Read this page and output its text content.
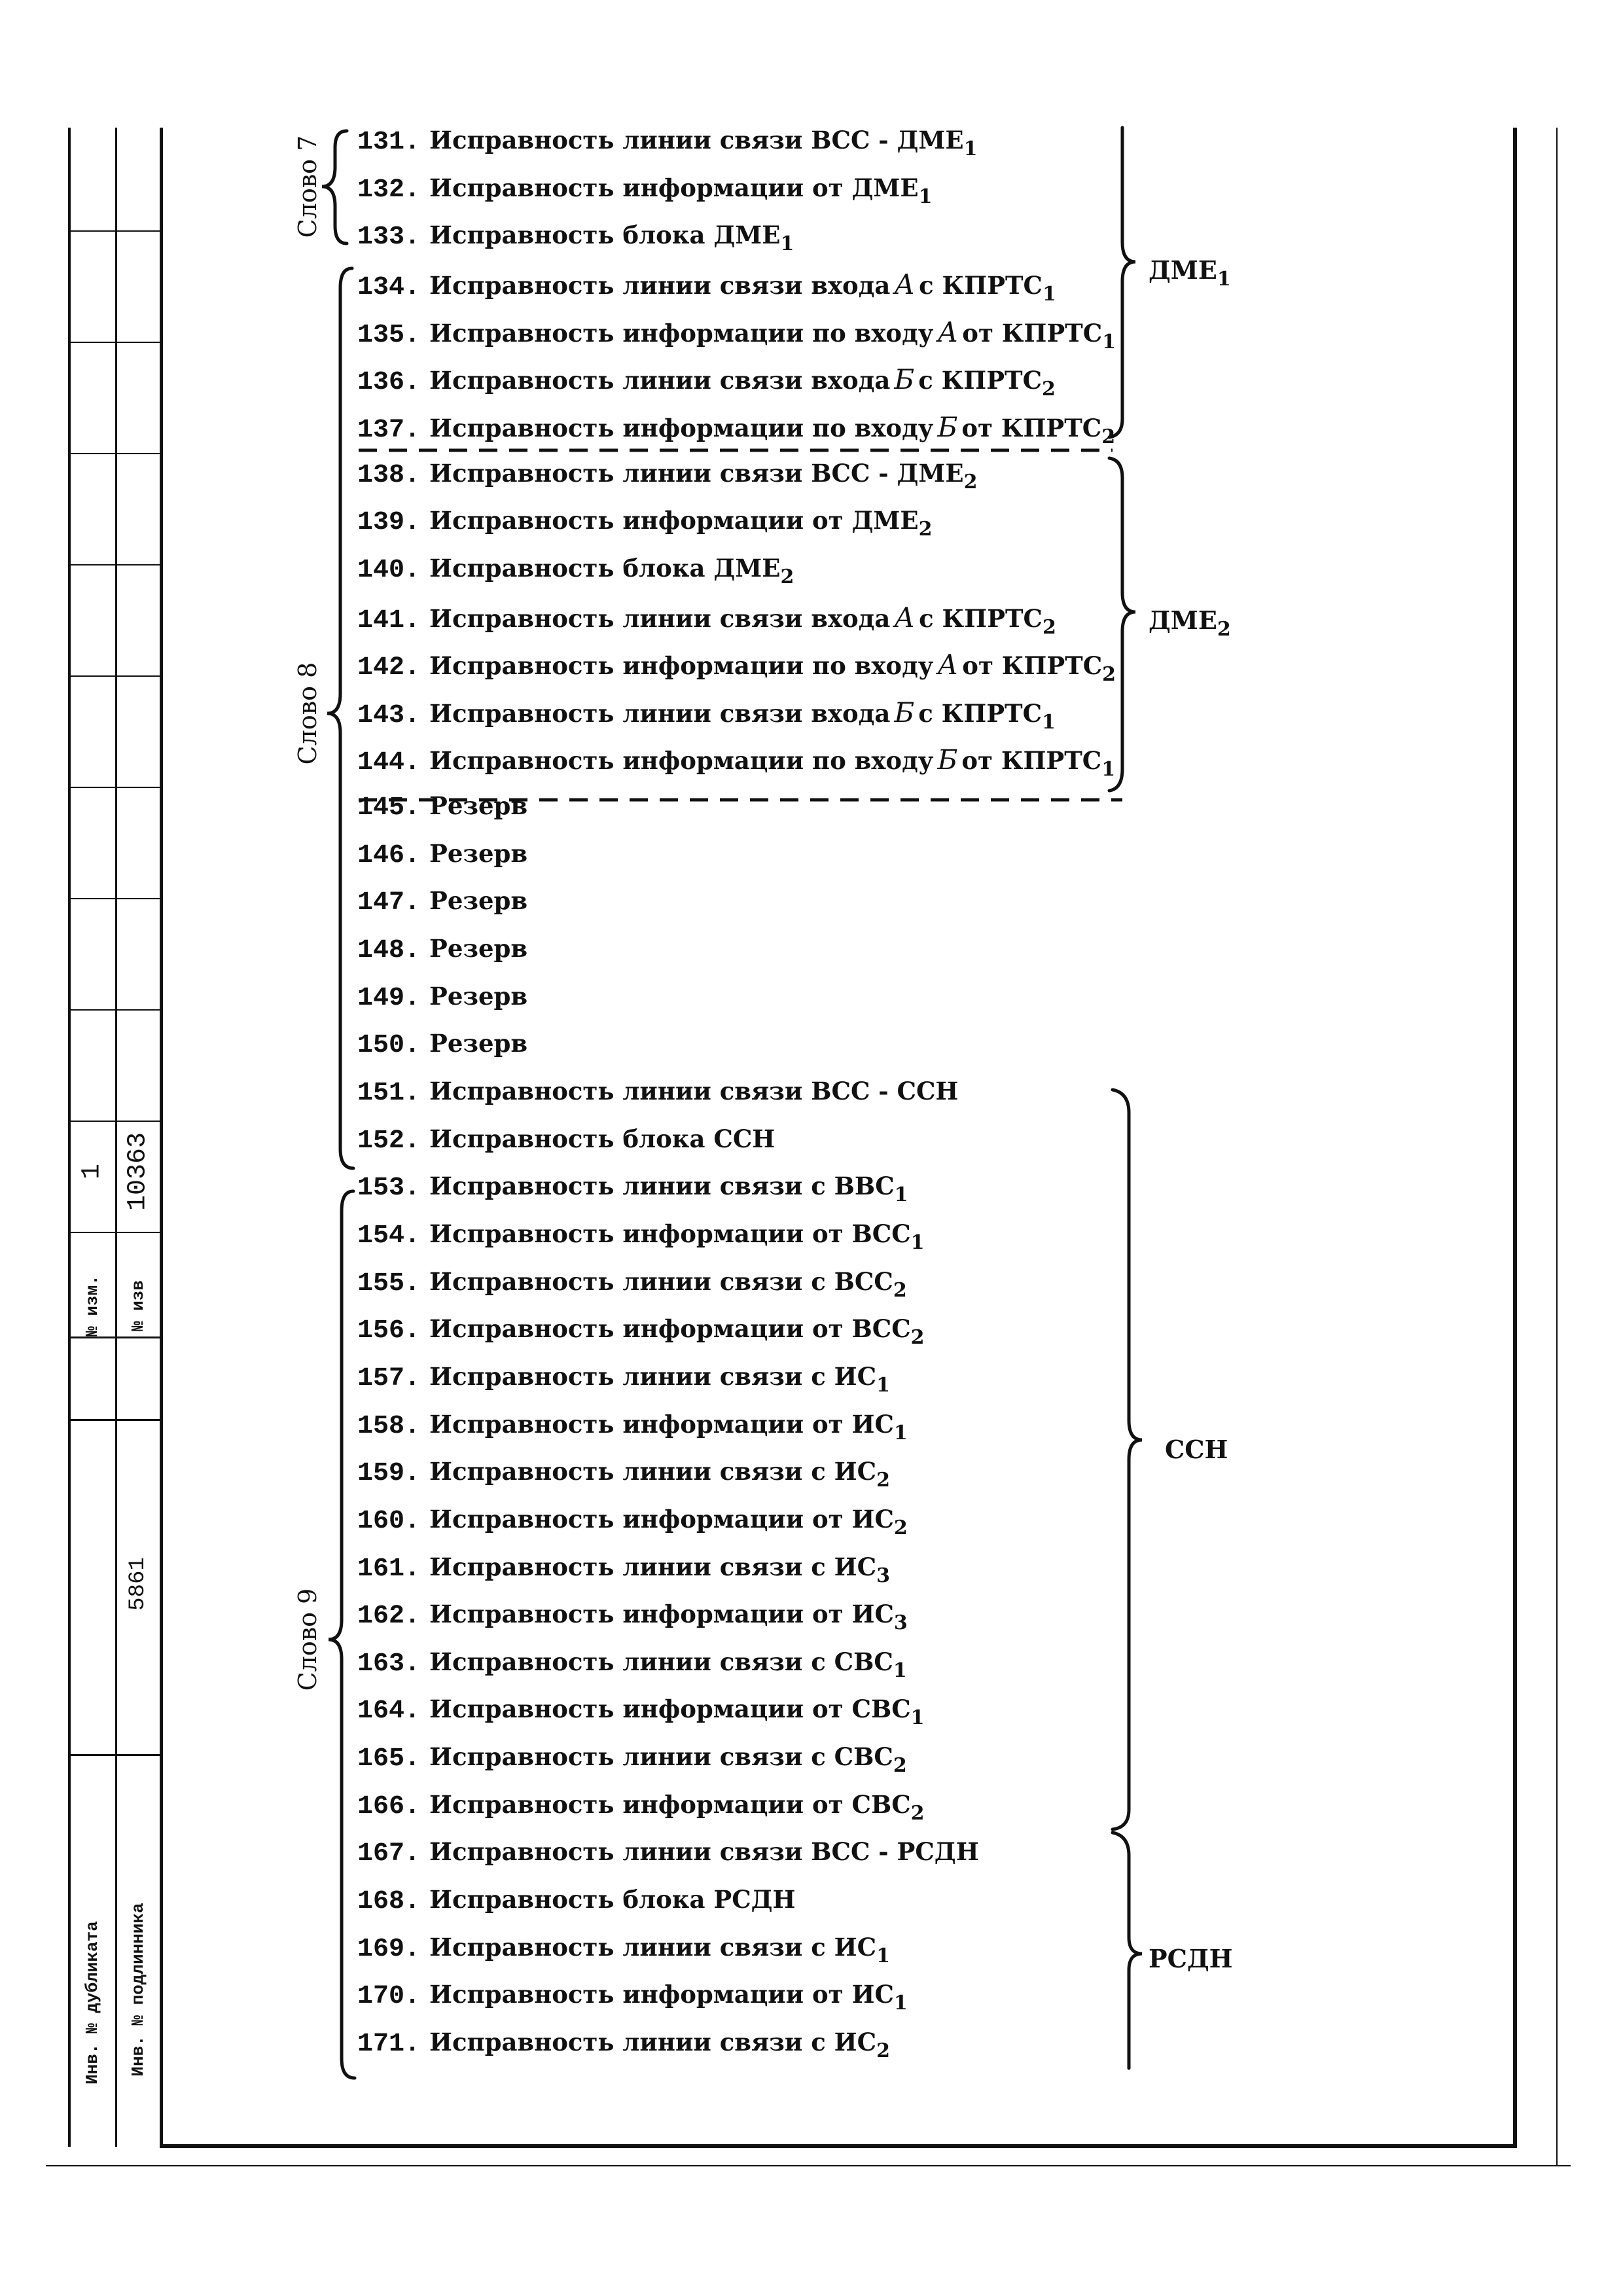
№ изм.
1
№ изв
10363
5861
Инв. № дубликата Инв. № подлинника
Слово 7
Слово 8
Слово 9
131. Исправность линии связи ВСС - $ДМЕ_1$
132. Исправность информации от $ДМЕ_1$
133. Исправность блока $ДМЕ_1$
134. Исправность линии связи входа А с $КПРТС_1$
135. Исправность информации по входу А от $КПРТС_1$
136. Исправность линии связи входа Б с $КПРТС_2$
137. Исправность информации по входу Б от $КПРТС_2$
138. Исправность линии связи ВСС - $ДМЕ_2$
139. Исправность информации от $ДМЕ_2$
140. Исправность блока $ДМЕ_2$
141. Исправность линии связи входа А с $КПРТС_2$
142. Исправность информации по входу А от $КПРТС_2$
143. Исправность линии связи входа Б с $КПРТС_1$
144. Исправность информации по входу Б от $КПРТС_1$
145. Резерв
146. Резерв
147. Резерв
148. Резерв
149. Резерв
150. Резерв
151. Исправность линии связи ВСС - ССН
152. Исправность блока ССН
153. Исправность линии связи с $ВВС_1$
154. Исправность информации от $ВСС_1$
155. Исправность линии связи с $ВСС_2$
156. Исправность информации от $ВСС_2$
157. Исправность линии связи с $ИС_1$
158. Исправность информации от $ИС_1$
159. Исправность линии связи с $ИС_2$
160. Исправность информации от $ИС_2$
161. Исправность линии связи с $ИС_3$
162. Исправность информации от $ИС_3$
163. Исправность линии связи с $СВС_1$
164. Исправность информации от $СВС_1$
165. Исправность линии связи с $СВС_2$
166. Исправность информации от $СВС_2$
167. Исправность линии связи ВСС - РСДН
168. Исправность блока РСДН
169. Исправность линии связи с $ИС_1$
170. Исправность информации от $ИС_1$
171. Исправность линии связи с $ИС_2$
$ДМЕ_1$
$ДМЕ_2$
ССН
РСДН
